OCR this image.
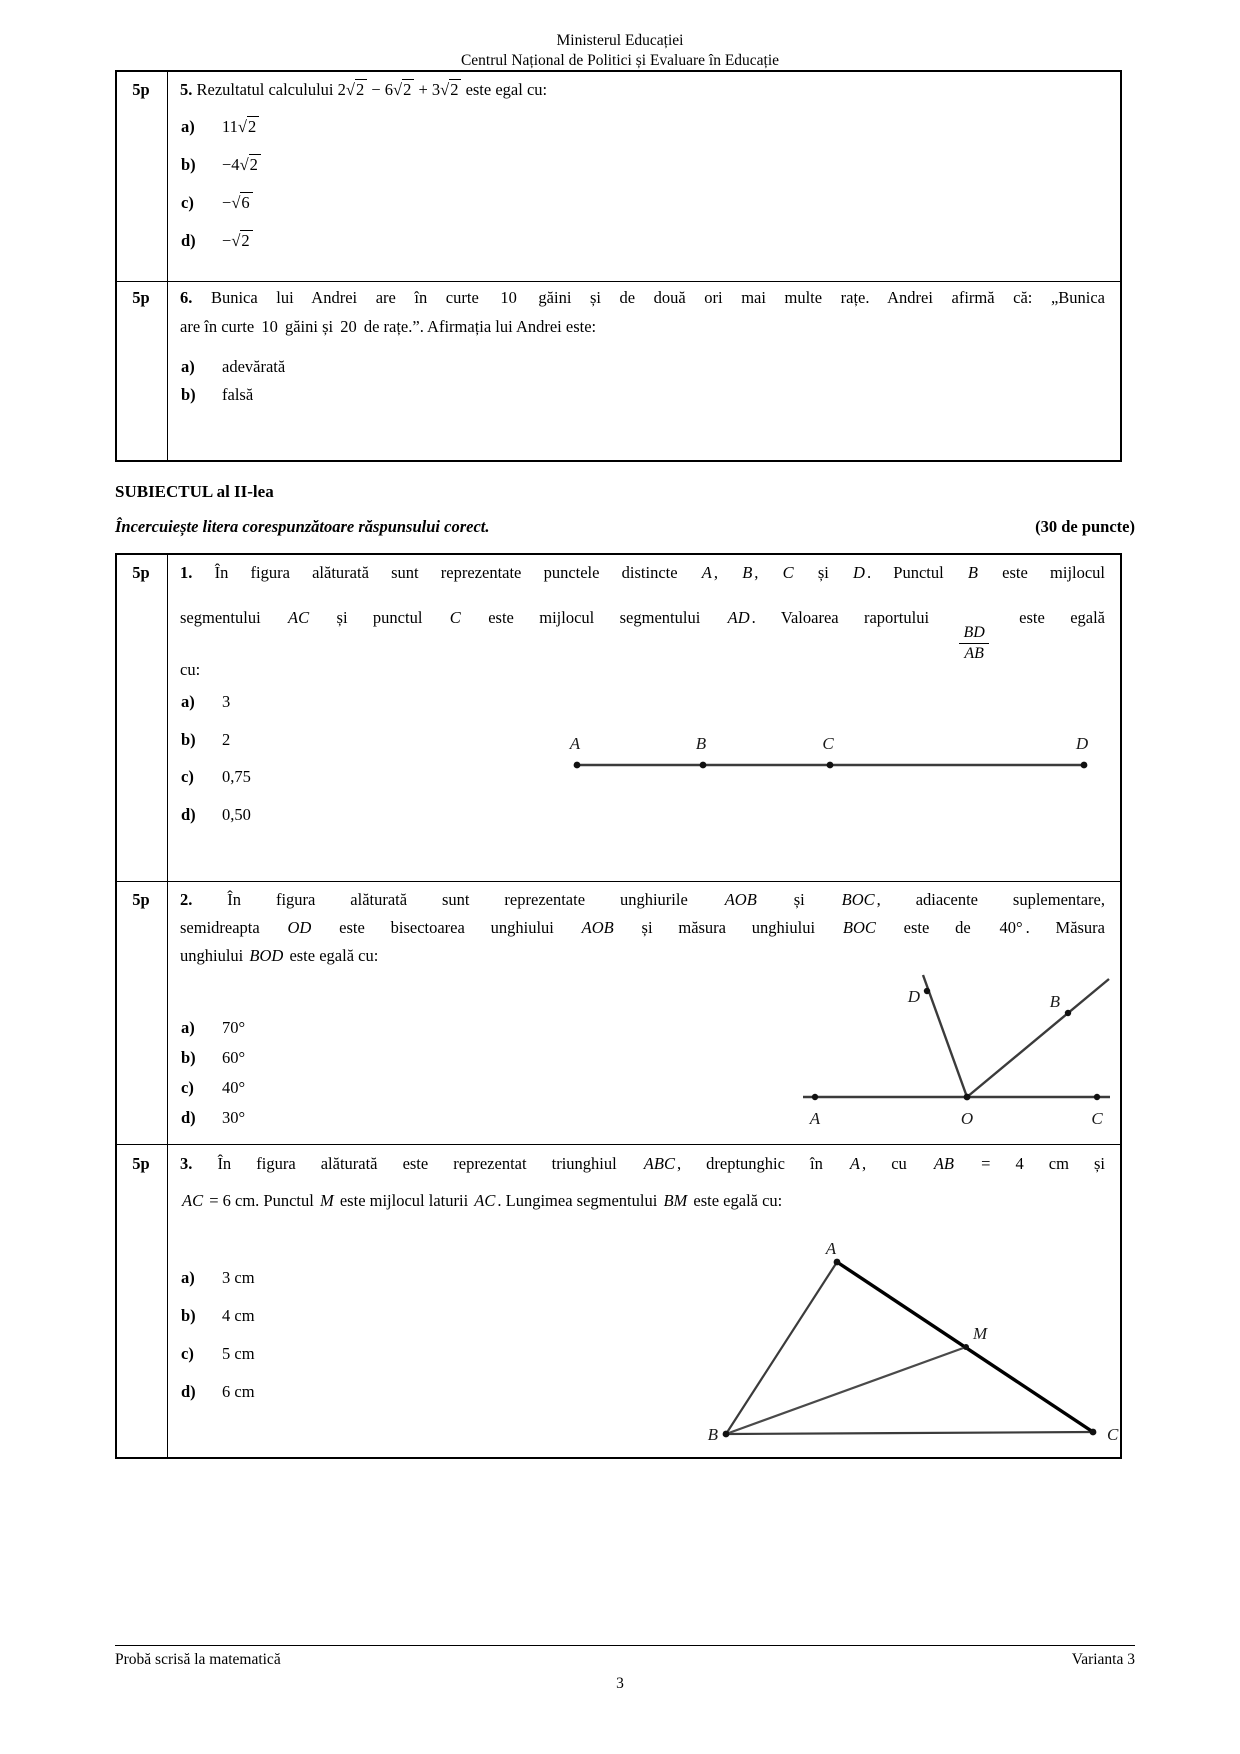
Ministerul Educației
Centrul Național de Politici și Evaluare în Educație
5p	5. Rezultatul calculului 2 √ 2 − 6 √ 2 + 3 √ 2 este egal cu:
a) 11 √ 2
b) −4 √ 2
c) − √ 6
d) − √ 2
5p	6. Bunica lui Andrei are în curte 10 găini și de două ori mai multe rațe. Andrei afirmă că: „Bunica
are în curte 10 găini și 20 de rațe.”. Afirmația lui Andrei este:
a) adevărată
b) falsă
SUBIECTUL al II-lea
Încercuiește litera corespunzătoare răspunsului corect.	(30 de puncte)
5p	1. În figura alăturată sunt reprezentate punctele distincte A , B , C și D . Punctul B este mijlocul
segmentului AC și punctul C este mijlocul segmentului AD . Valoarea raportului
$\frac{BD}{AB}$
este egală
cu:
a) 3
b) 2
c) 0,75
d) 0,50
A	B	C	D
5p	2. În figura alăturată sunt reprezentate unghiurile AOB și BOC , adiacente suplementare,
semidreapta OD este bisectoarea unghiului AOB și măsura unghiului BOC este de 40° . Măsura
unghiului BOD este egală cu:
a) 70°
b) 60°
c) 40°
d) 30°
D	B
A	O	C
5p	3. În figura alăturată este reprezentat triunghiul ABC , dreptunghic în A , cu AB = 4 cm și
AC = 6 cm. Punctul M este mijlocul laturii AC . Lungimea segmentului BM este egală cu:
a) 3 cm
b) 4 cm
c) 5 cm
d) 6 cm
A
B	C
M
Probă scrisă la matematică	Varianta 3
3
